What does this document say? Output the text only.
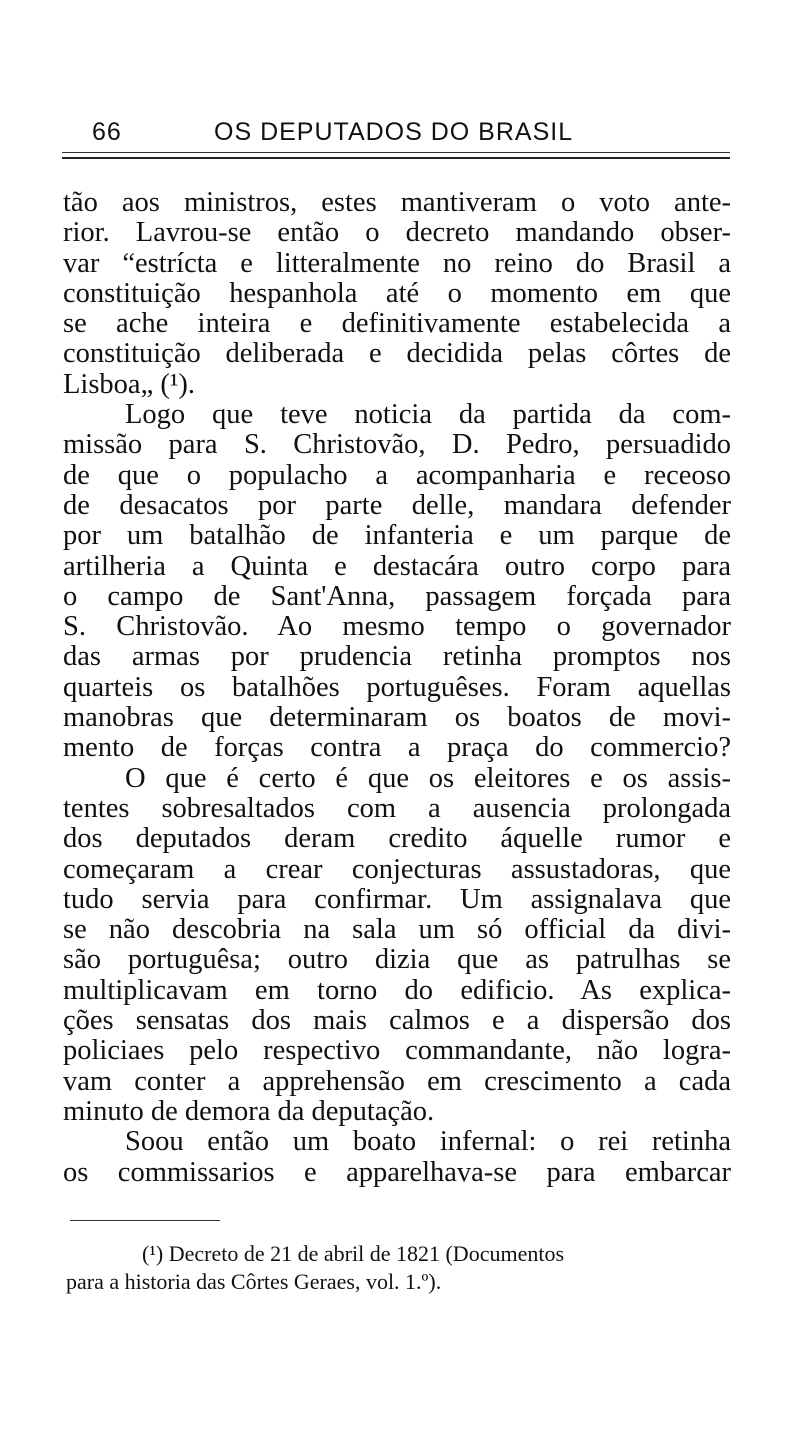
66	OS DEPUTADOS DO BRASIL
tão aos ministros, estes mantiveram o voto ante-
rior. Lavrou-se então o decreto mandando obser-
var “estrícta e litteralmente no reino do Brasil a
constituição hespanhola até o momento em que
se ache inteira e definitivamente estabelecida a
constituição deliberada e decidida pelas côrtes de
Lisboa„ (¹).
Logo que teve noticia da partida da com-
missão para S. Christovão, D. Pedro, persuadido
de que o populacho a acompanharia e receoso
de desacatos por parte delle, mandara defender
por um batalhão de infanteria e um parque de
artilheria a Quinta e destacára outro corpo para
o campo de Sant'Anna, passagem forçada para
S. Christovão. Ao mesmo tempo o governador
das armas por prudencia retinha promptos nos
quarteis os batalhões portuguêses. Foram aquellas
manobras que determinaram os boatos de movi-
mento de forças contra a praça do commercio?
O que é certo é que os eleitores e os assis-
tentes sobresaltados com a ausencia prolongada
dos deputados deram credito áquelle rumor e
começaram a crear conjecturas assustadoras, que
tudo servia para confirmar. Um assignalava que
se não descobria na sala um só official da divi-
são portuguêsa; outro dizia que as patrulhas se
multiplicavam em torno do edificio. As explica-
ções sensatas dos mais calmos e a dispersão dos
policiaes pelo respectivo commandante, não logra-
vam conter a apprehensão em crescimento a cada
minuto de demora da deputação.
Soou então um boato infernal: o rei retinha
os commissarios e apparelhava-se para embarcar
(¹) Decreto de 21 de abril de 1821 (Documentos
para a historia das Côrtes Geraes, vol. 1.º).
